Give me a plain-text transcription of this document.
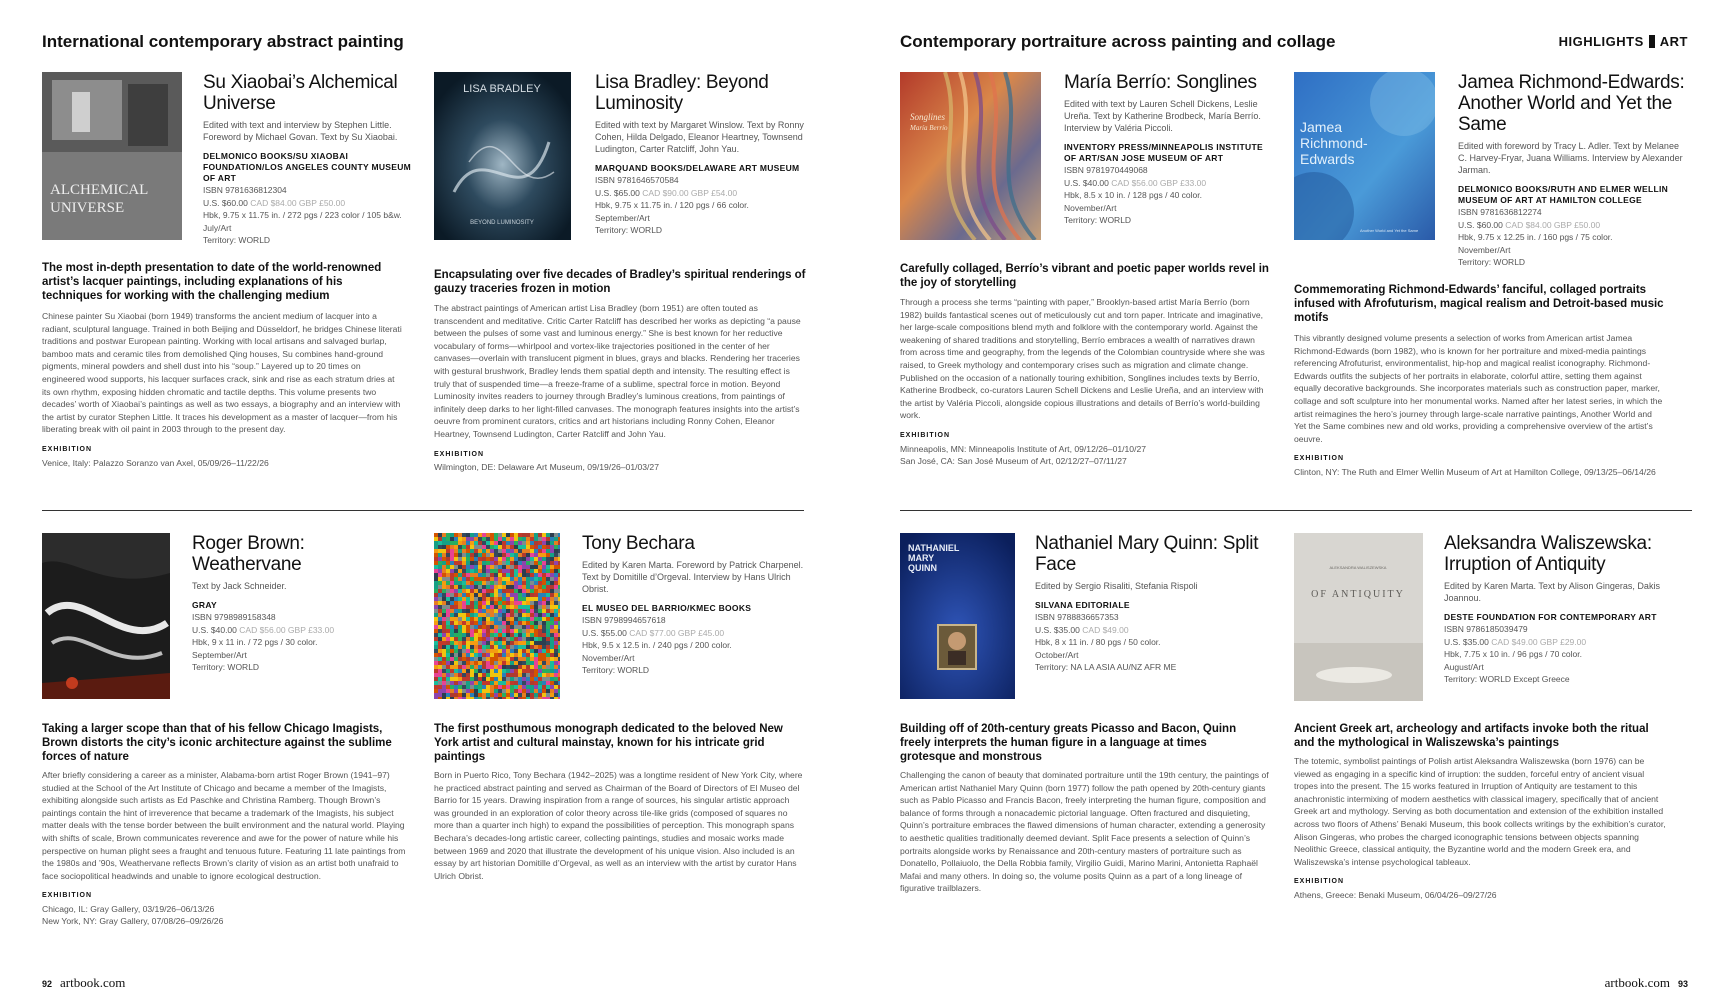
International contemporary abstract painting
ALCHEMICAL
UNIVERSE
Su Xiaobai’s Alchemical Universe
Edited with text and interview by Stephen Little. Foreword by Michael Govan. Text by Su Xiaobai.
DELMONICO BOOKS/SU XIAOBAI FOUNDATION/LOS ANGELES COUNTY MUSEUM OF ART
ISBN 9781636812304
U.S. $60.00 CAD $84.00 GBP £50.00
Hbk, 9.75 x 11.75 in. / 272 pgs / 223 color / 105 b&w.
July/Art
Territory: WORLD
The most in-depth presentation to date of the world-renowned artist’s lacquer paintings, including explanations of his techniques for working with the challenging medium
Chinese painter Su Xiaobai (born 1949) transforms the ancient medium of lacquer into a radiant, sculptural language. Trained in both Beijing and Düsseldorf, he bridges Chinese literati traditions and postwar European painting. Working with local artisans and salvaged burlap, bamboo mats and ceramic tiles from demolished Qing houses, Su combines hand-ground pigments, mineral powders and shell dust into his “soup.” Layered up to 20 times on engineered wood supports, his lacquer surfaces crack, sink and rise as each stratum dries at its own rhythm, exposing hidden chromatic and tactile depths. This volume presents two decades’ worth of Xiaobai’s paintings as well as two essays, a biography and an interview with the artist by curator Stephen Little. It traces his development as a master of lacquer—from his liberating break with oil paint in 2003 through to the present day.
EXHIBITION
Venice, Italy: Palazzo Soranzo van Axel, 05/09/26–11/22/26
LISA BRADLEY
BEYOND LUMINOSITY
Lisa Bradley: Beyond Luminosity
Edited with text by Margaret Winslow. Text by Ronny Cohen, Hilda Delgado, Eleanor Heartney, Townsend Ludington, Carter Ratcliff, John Yau.
MARQUAND BOOKS/DELAWARE ART MUSEUM
ISBN 9781646570584
U.S. $65.00 CAD $90.00 GBP £54.00
Hbk, 9.75 x 11.75 in. / 120 pgs / 66 color.
September/Art
Territory: WORLD
Encapsulating over five decades of Bradley’s spiritual renderings of gauzy traceries frozen in motion
The abstract paintings of American artist Lisa Bradley (born 1951) are often touted as transcendent and meditative. Critic Carter Ratcliff has described her works as depicting “a pause between the pulses of some vast and luminous energy.” She is best known for her reductive vocabulary of forms—whirlpool and vortex-like trajectories positioned in the center of her canvases—overlain with translucent pigment in blues, grays and blacks. Rendering her traceries with gestural brushwork, Bradley lends them spatial depth and intensity. The resulting effect is truly that of suspended time—a freeze-frame of a sublime, spectral force in motion. Beyond Luminosity invites readers to journey through Bradley’s luminous creations, from paintings of infinitely deep darks to her light-filled canvases. The monograph features insights into the artist’s oeuvre from prominent curators, critics and art historians including Ronny Cohen, Eleanor Heartney, Townsend Ludington, Carter Ratcliff and John Yau.
EXHIBITION
Wilmington, DE: Delaware Art Museum, 09/19/26–01/03/27
Roger Brown: Weathervane
Text by Jack Schneider.
GRAY
ISBN 9798989158348
U.S. $40.00 CAD $56.00 GBP £33.00
Hbk, 9 x 11 in. / 72 pgs / 30 color.
September/Art
Territory: WORLD
Taking a larger scope than that of his fellow Chicago Imagists, Brown distorts the city’s iconic architecture against the sublime forces of nature
After briefly considering a career as a minister, Alabama-born artist Roger Brown (1941–97) studied at the School of the Art Institute of Chicago and became a member of the Imagists, exhibiting alongside such artists as Ed Paschke and Christina Ramberg. Though Brown’s paintings contain the hint of irreverence that became a trademark of the Imagists, his subject matter deals with the tense border between the built environment and the natural world. Playing with shifts of scale, Brown communicates reverence and awe for the power of nature while his perspective on human plight sees a fraught and tenuous future. Featuring 11 late paintings from the 1980s and ’90s, Weathervane reflects Brown’s clarity of vision as an artist both unafraid to face sociopolitical headwinds and unable to ignore ecological destruction.
EXHIBITION
Chicago, IL: Gray Gallery, 03/19/26–06/13/26
New York, NY: Gray Gallery, 07/08/26–09/26/26
Tony Bechara
Edited by Karen Marta. Foreword by Patrick Charpenel. Text by Domitille d’Orgeval. Interview by Hans Ulrich Obrist.
EL MUSEO DEL BARRIO/KMEC BOOKS
ISBN 9798994657618
U.S. $55.00 CAD $77.00 GBP £45.00
Hbk, 9.5 x 12.5 in. / 240 pgs / 200 color.
November/Art
Territory: WORLD
The first posthumous monograph dedicated to the beloved New York artist and cultural mainstay, known for his intricate grid paintings
Born in Puerto Rico, Tony Bechara (1942–2025) was a longtime resident of New York City, where he practiced abstract painting and served as Chairman of the Board of Directors of El Museo del Barrio for 15 years. Drawing inspiration from a range of sources, his singular artistic approach was grounded in an exploration of color theory across tile-like grids (composed of squares no more than a quarter inch high) to expand the possibilities of perception. This monograph spans Bechara’s decades-long artistic career, collecting paintings, studies and mosaic works made between 1969 and 2020 that illustrate the development of his unique vision. Also included is an essay by art historian Domitille d’Orgeval, as well as an interview with the artist by curator Hans Ulrich Obrist.
92 artbook.com
Contemporary portraiture across painting and collage	HIGHLIGHTS ART
Songlines
María Berrío
María Berrío: Songlines
Edited with text by Lauren Schell Dickens, Leslie Ureña. Text by Katherine Brodbeck, María Berrío. Interview by Valéria Piccoli.
INVENTORY PRESS/MINNEAPOLIS INSTITUTE OF ART/SAN JOSE MUSEUM OF ART
ISBN 9781970449068
U.S. $40.00 CAD $56.00 GBP £33.00
Hbk, 8.5 x 10 in. / 128 pgs / 40 color.
November/Art
Territory: WORLD
Carefully collaged, Berrío’s vibrant and poetic paper worlds revel in the joy of storytelling
Through a process she terms “painting with paper,” Brooklyn-based artist María Berrío (born 1982) builds fantastical scenes out of meticulously cut and torn paper. Intricate and imaginative, her large-scale compositions blend myth and folklore with the contemporary world. Against the weakening of shared traditions and storytelling, Berrío embraces a wealth of narratives drawn from across time and geography, from the legends of the Colombian countryside where she was raised, to Greek mythology and contemporary crises such as migration and climate change. Published on the occasion of a nationally touring exhibition, Songlines includes texts by Berrío, Katherine Brodbeck, co-curators Lauren Schell Dickens and Leslie Ureña, and an interview with the artist by Valéria Piccoli, alongside copious illustrations and details of Berrío’s world-building work.
EXHIBITION
Minneapolis, MN: Minneapolis Institute of Art, 09/12/26–01/10/27
San José, CA: San José Museum of Art, 02/12/27–07/11/27
Jamea
Richmond-
Edwards
Another World and Yet the Same
Jamea Richmond-Edwards: Another World and Yet the Same
Edited with foreword by Tracy L. Adler. Text by Melanee C. Harvey-Fryar, Juana Williams. Interview by Alexander Jarman.
DELMONICO BOOKS/RUTH AND ELMER WELLIN MUSEUM OF ART AT HAMILTON COLLEGE
ISBN 9781636812274
U.S. $60.00 CAD $84.00 GBP £50.00
Hbk, 9.75 x 12.25 in. / 160 pgs / 75 color.
November/Art
Territory: WORLD
Commemorating Richmond-Edwards’ fanciful, collaged portraits infused with Afrofuturism, magical realism and Detroit-based music motifs
This vibrantly designed volume presents a selection of works from American artist Jamea Richmond-Edwards (born 1982), who is known for her portraiture and mixed-media paintings referencing Afrofuturist, environmentalist, hip-hop and magical realist iconography. Richmond-Edwards outfits the subjects of her portraits in elaborate, colorful attire, setting them against equally decorative backgrounds. She incorporates materials such as construction paper, marker, collage and soft sculpture into her monumental works. Named after her latest series, in which the artist reimagines the hero’s journey through large-scale narrative paintings, Another World and Yet the Same combines new and old works, providing a comprehensive overview of the artist’s oeuvre.
EXHIBITION
Clinton, NY: The Ruth and Elmer Wellin Museum of Art at Hamilton College, 09/13/25–06/14/26
NATHANIEL
MARY
QUINN
Nathaniel Mary Quinn: Split Face
Edited by Sergio Risaliti, Stefania Rispoli
SILVANA EDITORIALE
ISBN 9788836657353
U.S. $35.00 CAD $49.00
Hbk, 8 x 11 in. / 80 pgs / 50 color.
October/Art
Territory: NA LA ASIA AU/NZ AFR ME
Building off of 20th-century greats Picasso and Bacon, Quinn freely interprets the human figure in a language at times grotesque and monstrous
Challenging the canon of beauty that dominated portraiture until the 19th century, the paintings of American artist Nathaniel Mary Quinn (born 1977) follow the path opened by 20th-century giants such as Pablo Picasso and Francis Bacon, freely interpreting the human figure, composition and balance of forms through a nonacademic pictorial language. Often fractured and disquieting, Quinn’s portraiture embraces the flawed dimensions of human character, extending a generosity to aesthetic qualities traditionally deemed deviant. Split Face presents a selection of Quinn’s portraits alongside works by Renaissance and 20th-century masters of portraiture such as Donatello, Pollaiuolo, the Della Robbia family, Virgilio Guidi, Marino Marini, Antonietta Raphaël Mafai and many others. In doing so, the volume posits Quinn as a part of a long lineage of figurative trailblazers.
ALEKSANDRA WALISZEWSKA
OF ANTIQUITY
Aleksandra Waliszewska: Irruption of Antiquity
Edited by Karen Marta. Text by Alison Gingeras, Dakis Joannou.
DESTE FOUNDATION FOR CONTEMPORARY ART
ISBN 9786185039479
U.S. $35.00 CAD $49.00 GBP £29.00
Hbk, 7.75 x 10 in. / 96 pgs / 70 color.
August/Art
Territory: WORLD Except Greece
Ancient Greek art, archeology and artifacts invoke both the ritual and the mythological in Waliszewska’s paintings
The totemic, symbolist paintings of Polish artist Aleksandra Waliszewska (born 1976) can be viewed as engaging in a specific kind of irruption: the sudden, forceful entry of ancient visual tropes into the present. The 15 works featured in Irruption of Antiquity are testament to this anachronistic intermixing of modern aesthetics with classical imagery, specifically that of ancient Greek art and mythology. Serving as both documentation and extension of the exhibition installed across two floors of Athens’ Benaki Museum, this book collects writings by the exhibition’s curator, Alison Gingeras, who probes the charged iconographic tensions between objects spanning Neolithic Greece, classical antiquity, the Byzantine world and the modern Greek era, and Waliszewska’s intense psychological tableaux.
EXHIBITION
Athens, Greece: Benaki Museum, 06/04/26–09/27/26
artbook.com 93
